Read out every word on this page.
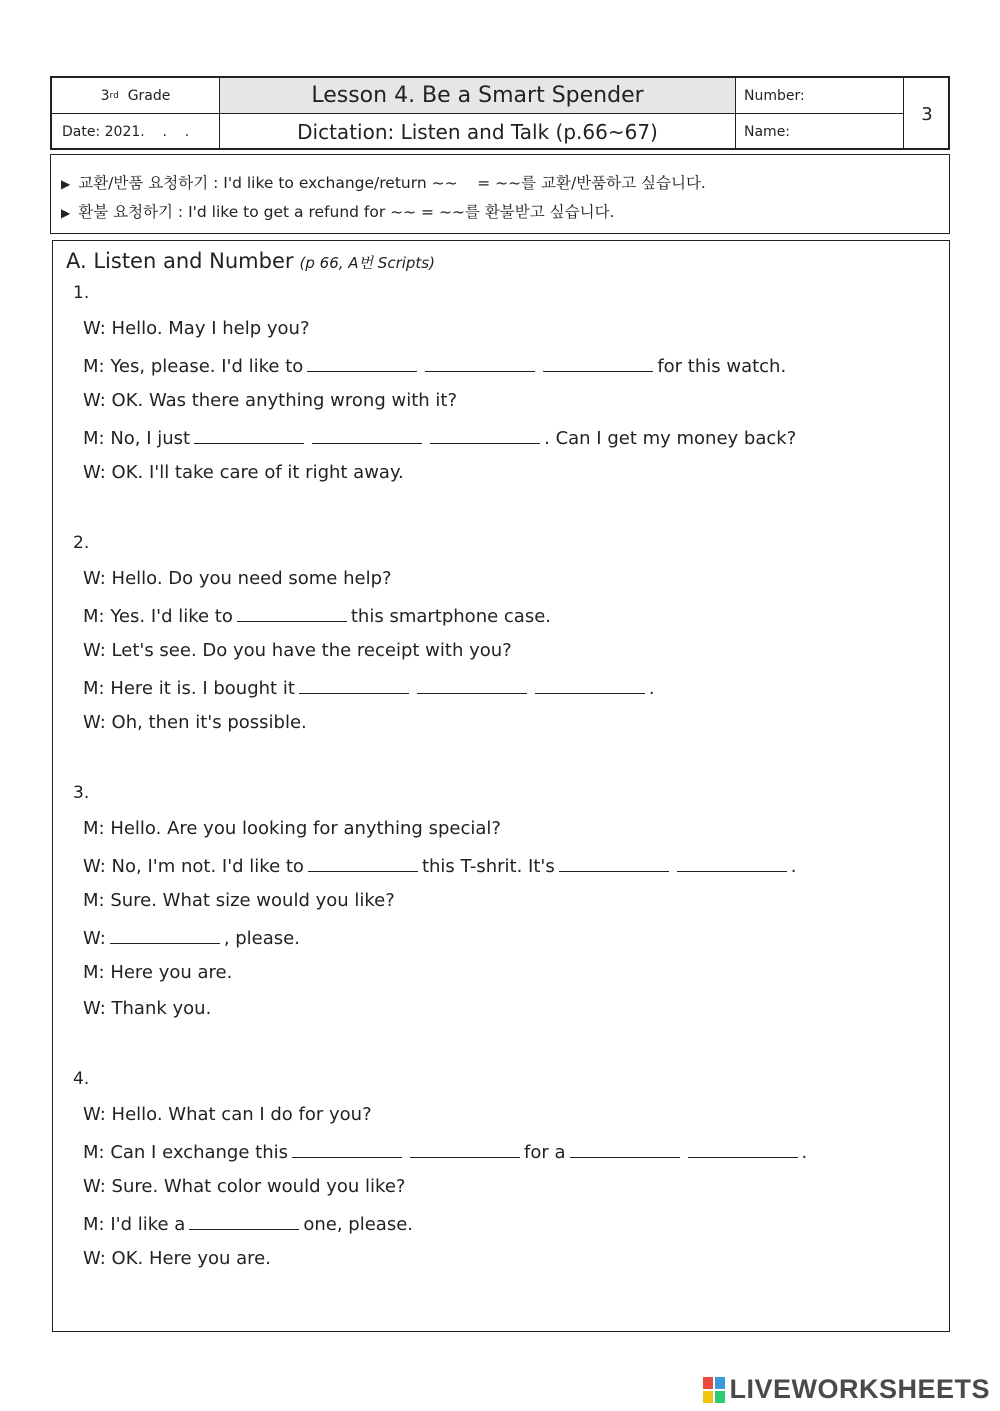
3 rd
Grade	Lesson 4. Be a Smart Spender	Number:
3
Date: 2021.    .    .	Dictation: Listen and Talk (p.66~67)	Name:
▶ 교환/반품 요청하기 : I'd like to exchange/return ~~    = ~~를 교환/반품하고 싶습니다.
▶ 환불 요청하기 : I'd like to get a refund for ~~ = ~~를 환불받고 싶습니다.
A. Listen and Number (p 66, A번 Scripts)
1.
W: Hello. May I help you?
M: Yes, please. I'd like to	for this watch.
W: OK. Was there anything wrong with it?
M: No, I just	. Can I get my money back?
W: OK. I'll take care of it right away.
2.
W: Hello. Do you need some help?
M: Yes. I'd like to	this smartphone case.
W: Let's see. Do you have the receipt with you?
M: Here it is. I bought it	.
W: Oh, then it's possible.
3.
M: Hello. Are you looking for anything special?
W: No, I'm not. I'd like to	this T-shrit. It's	.
M: Sure. What size would you like?
W:	, please.
M: Here you are.
W: Thank you.
4.
W: Hello. What can I do for you?
M: Can I exchange this	for a	.
W: Sure. What color would you like?
M: I'd like a	one, please.
W: OK. Here you are.
LIVEWORKSHEETS
